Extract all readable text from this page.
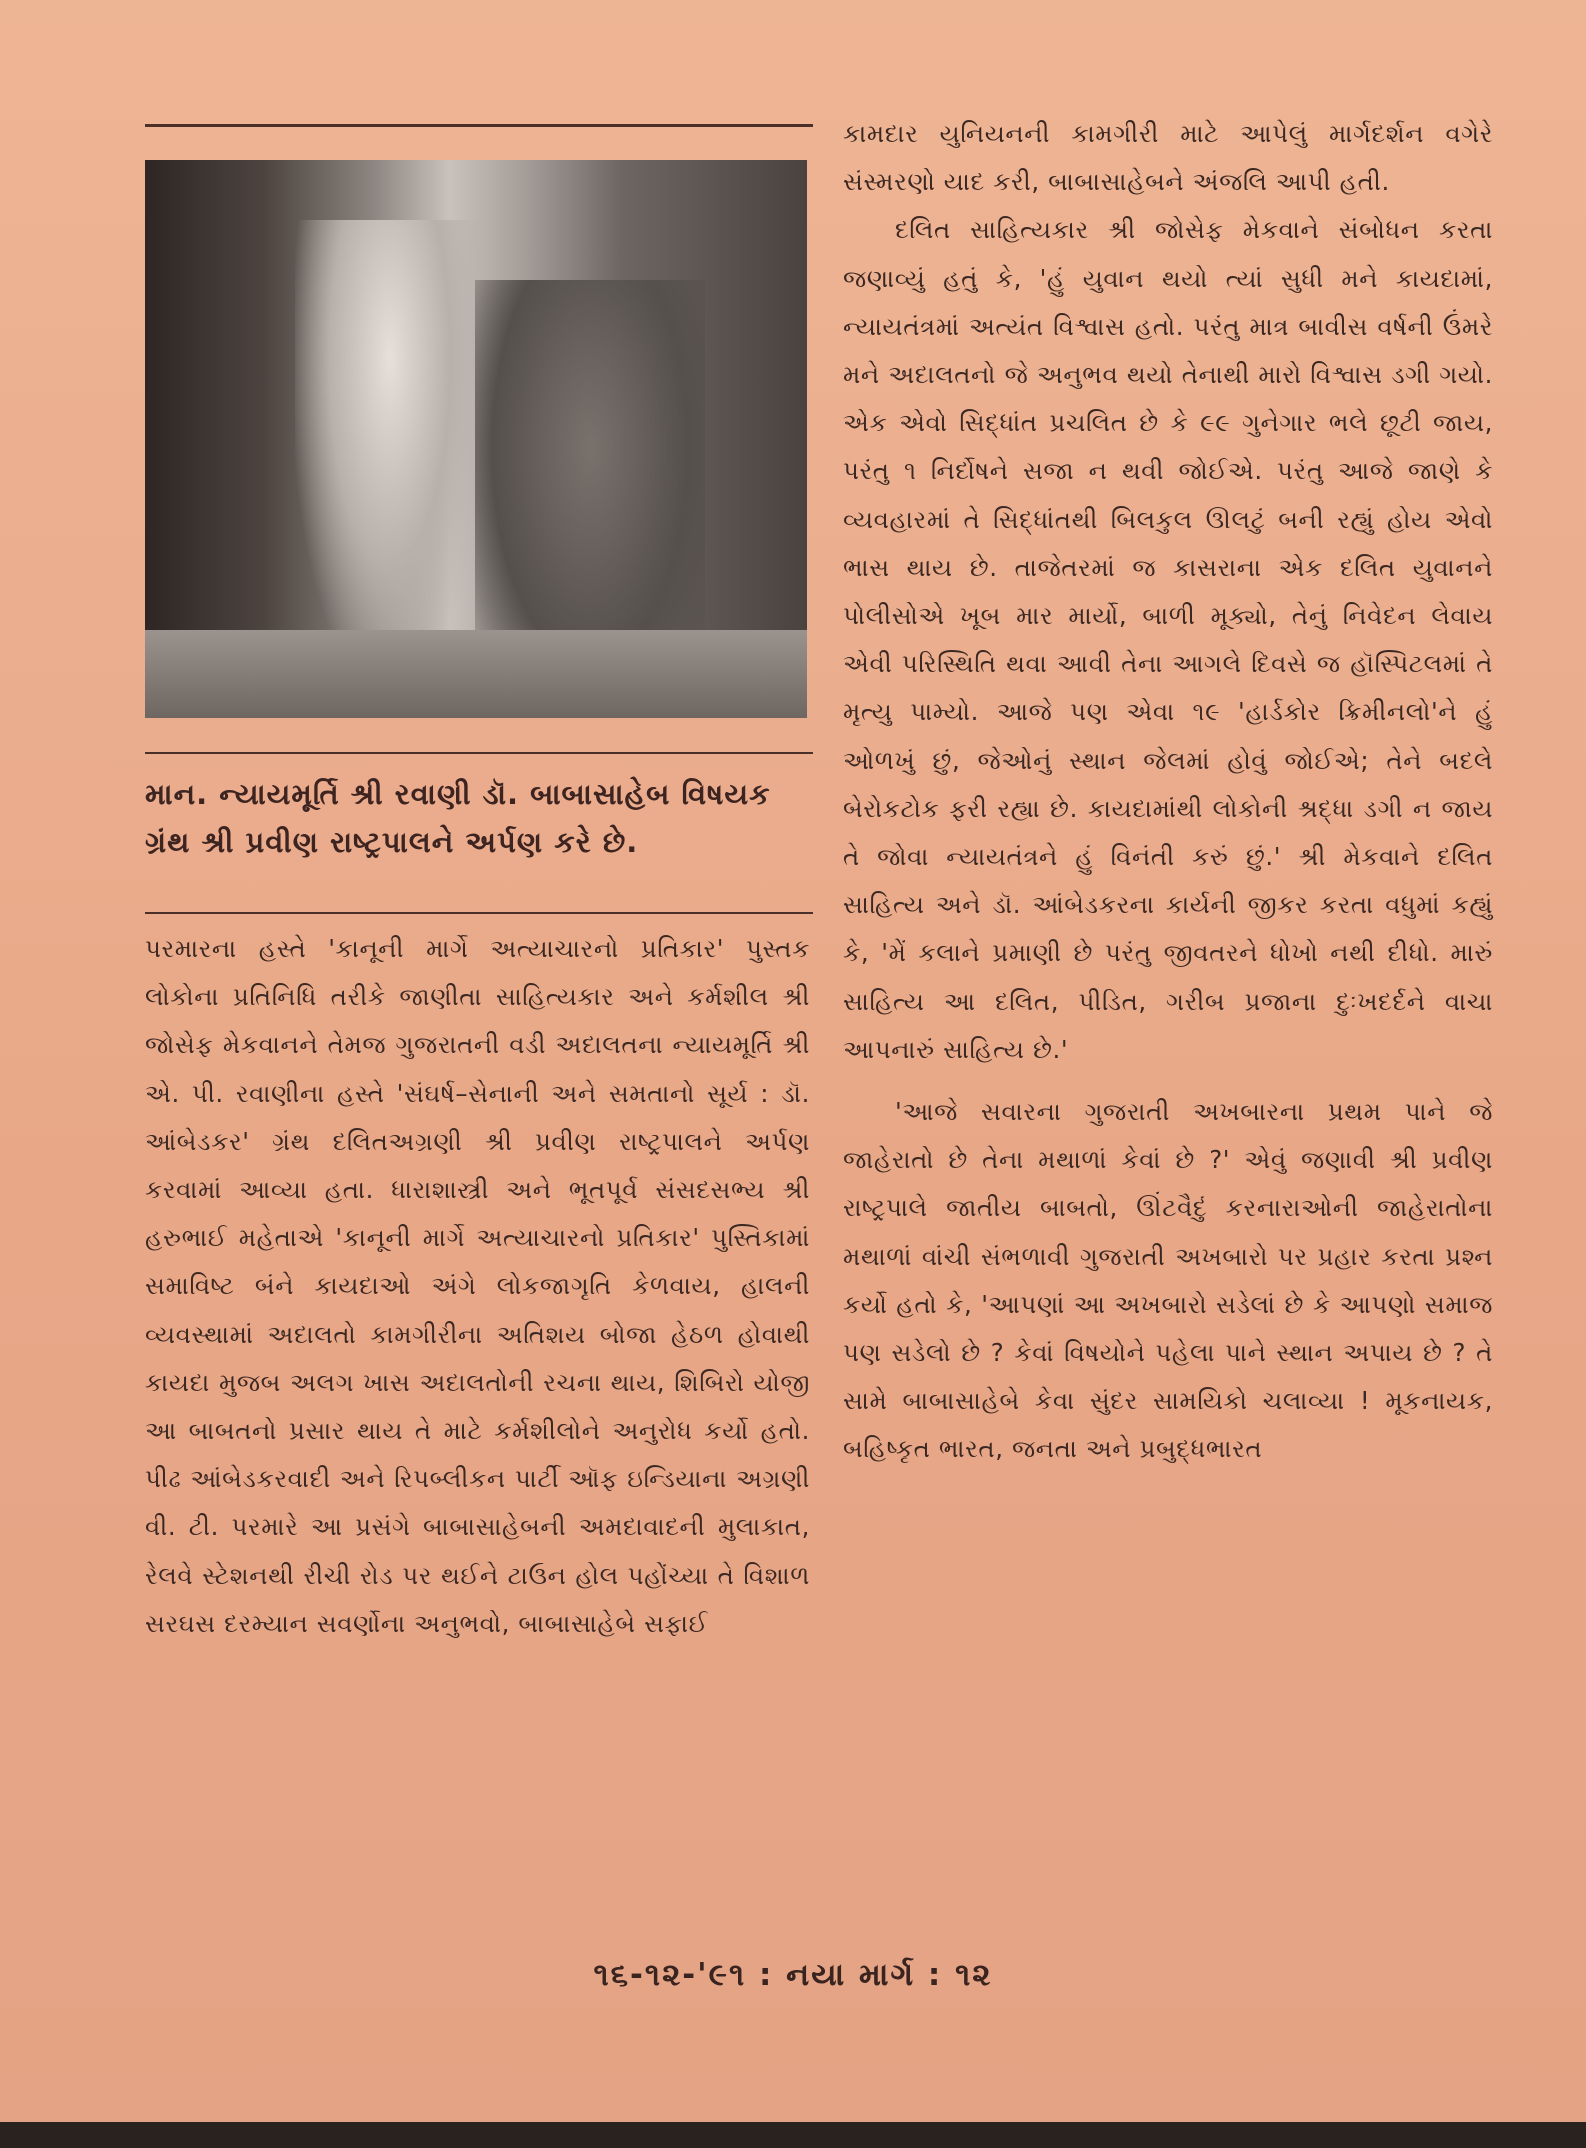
માન. ન્યાયમૂર્તિ શ્રી રવાણી ડૉ. બાબાસાહેબ વિષયક ગ્રંથ શ્રી પ્રવીણ રાષ્ટ્રપાલને અર્પણ કરે છે.

પરમારના હસ્તે 'કાનૂની માર્ગે અત્યાચારનો પ્રતિકાર' પુસ્તક લોકોના પ્રતિનિધિ તરીકે જાણીતા સાહિત્યકાર અને કર્મશીલ શ્રી જોસેફ મેકવાનને તેમજ ગુજરાતની વડી અદાલતના ન્યાયમૂર્તિ શ્રી એ. પી. રવાણીના હસ્તે 'સંઘર્ષ–સેનાની અને સમતાનો સૂર્ય : ડૉ. આંબેડકર' ગ્રંથ દલિતઅગ્રણી શ્રી પ્રવીણ રાષ્ટ્રપાલને અર્પણ કરવામાં આવ્યા હતા. ધારાશાસ્ત્રી અને ભૂતપૂર્વ સંસદસભ્ય શ્રી હરુભાઈ મહેતાએ 'કાનૂની માર્ગે અત્યાચારનો પ્રતિકાર' પુસ્તિકામાં સમાવિષ્ટ બંને કાયદાઓ અંગે લોકજાગૃતિ કેળવાય, હાલની વ્યવસ્થામાં અદાલતો કામગીરીના અતિશય બોજા હેઠળ હોવાથી કાયદા મુજબ અલગ ખાસ અદાલતોની રચના થાય, શિબિરો યોજી આ બાબતનો પ્રસાર થાય તે માટે કર્મશીલોને અનુરોધ કર્યો હતો. પીઢ આંબેડકરવાદી અને રિપબ્લીકન પાર્ટી ઑફ ઇન્ડિયાના અગ્રણી વી. ટી. પરમારે આ પ્રસંગે બાબાસાહેબની અમદાવાદની મુલાકાત, રેલવે સ્ટેશનથી રીચી રોડ પર થઈને ટાઉન હોલ પહોંચ્યા તે વિશાળ સરઘસ દરમ્યાન સવર્ણોના અનુભવો, બાબાસાહેબે સફાઈ

કામદાર યુનિયનની કામગીરી માટે આપેલું માર્ગદર્શન વગેરે સંસ્મરણો યાદ કરી, બાબાસાહેબને અંજલિ આપી હતી.

દલિત સાહિત્યકાર શ્રી જોસેફ મેકવાને સંબોધન કરતા જણાવ્યું હતું કે, 'હું યુવાન થયો ત્યાં સુધી મને કાયદામાં, ન્યાયતંત્રમાં અત્યંત વિશ્વાસ હતો. પરંતુ માત્ર બાવીસ વર્ષની ઉંમરે મને અદાલતનો જે અનુભવ થયો તેનાથી મારો વિશ્વાસ ડગી ગયો. એક એવો સિદ્ધાંત પ્રચલિત છે કે ૯૯ ગુનેગાર ભલે છૂટી જાય, પરંતુ ૧ નિર્દોષને સજા ન થવી જોઈએ. પરંતુ આજે જાણે કે વ્યવહારમાં તે સિદ્ધાંતથી બિલકુલ ઊલટું બની રહ્યું હોય એવો ભાસ થાય છે. તાજેતરમાં જ કાસરાના એક દલિત યુવાનને પોલીસોએ ખૂબ માર માર્યો, બાળી મૂક્યો, તેનું નિવેદન લેવાય એવી પરિસ્થિતિ થવા આવી તેના આગલે દિવસે જ હૉસ્પિટલમાં તે મૃત્યુ પામ્યો. આજે પણ એવા ૧૯ 'હાર્ડકોર ક્રિમીનલો'ને હું ઓળખું છું, જેઓનું સ્થાન જેલમાં હોવું જોઈએ; તેને બદલે બેરોકટોક ફરી રહ્યા છે. કાયદામાંથી લોકોની શ્રદ્ધા ડગી ન જાય તે જોવા ન્યાયતંત્રને હું વિનંતી કરું છું.' શ્રી મેકવાને દલિત સાહિત્ય અને ડૉ. આંબેડકરના કાર્યની જીકર કરતા વધુમાં કહ્યું કે, 'મેં કલાને પ્રમાણી છે પરંતુ જીવતરને ધોખો નથી દીધો. મારું સાહિત્ય આ દલિત, પીડિત, ગરીબ પ્રજાના દુઃખદર્દને વાચા આપનારું સાહિત્ય છે.'

'આજે સવારના ગુજરાતી અખબારના પ્રથમ પાને જે જાહેરાતો છે તેના મથાળાં કેવાં છે ?' એવું જણાવી શ્રી પ્રવીણ રાષ્ટ્રપાલે જાતીય બાબતો, ઊંટવૈદું કરનારાઓની જાહેરાતોના મથાળાં વાંચી સંભળાવી ગુજરાતી અખબારો પર પ્રહાર કરતા પ્રશ્ન કર્યો હતો કે, 'આપણાં આ અખબારો સડેલાં છે કે આપણો સમાજ પણ સડેલો છે ? કેવાં વિષયોને પહેલા પાને સ્થાન અપાય છે ? તે સામે બાબાસાહેબે કેવા સુંદર સામયિકો ચલાવ્યા ! મૂકનાયક, બહિષ્કૃત ભારત, જનતા અને પ્રબુદ્ધભારત

૧૬-૧૨-'૯૧ : નયા માર્ગ : ૧૨
